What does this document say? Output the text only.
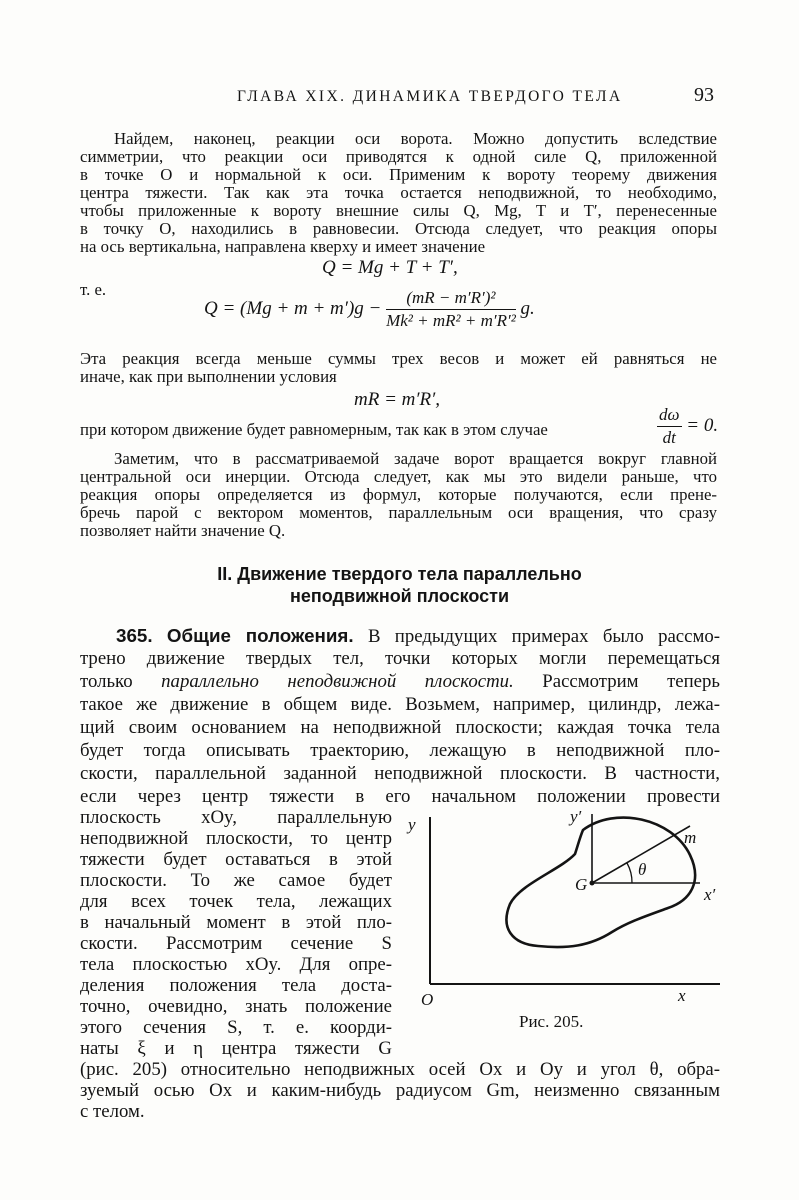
ГЛАВА XIX. ДИНАМИКА ТВЕРДОГО ТЕЛА	93
Найдем, наконец, реакции оси ворота. Можно допустить вследствие
симметрии, что реакции оси приводятся к одной силе Q, приложенной
в точке O и нормальной к оси. Применим к вороту теорему движения
центра тяжести. Так как эта точка остается неподвижной, то необходимо,
чтобы приложенные к вороту внешние силы Q, Mg, T и T′, перенесенные
в точку O, находились в равновесии. Отсюда следует, что реакция опоры
на ось вертикальна, направлена кверху и имеет значение
Q = Mg + T + T′,
т. е.
$Q = (Mg + m + m')g - \frac{\text{(mR − m′R′)²}}{\text{Mk² + mR² + m′R′²}} g$.
Эта реакция всегда меньше суммы трех весов и может ей равняться не
иначе, как при выполнении условия
mR = m′R′,
при котором движение будет равномерным, так как в этом случае	$\frac{d\omega}{dt} = 0$.
Заметим, что в рассматриваемой задаче ворот вращается вокруг главной
центральной оси инерции. Отсюда следует, как мы это видели раньше, что
реакция опоры определяется из формул, которые получаются, если прене-
бречь парой с вектором моментов, параллельным оси вращения, что сразу
позволяет найти значение Q.
II. Движение твердого тела параллельно
неподвижной плоскости
365. Общие положения. В предыдущих примерах было рассмо-
трено движение твердых тел, точки которых могли перемещаться
только параллельно неподвижной плоскости. Рассмотрим теперь
такое же движение в общем виде. Возьмем, например, цилиндр, лежа-
щий своим основанием на неподвижной плоскости; каждая точка тела
будет тогда описывать траекторию, лежащую в неподвижной пло-
скости, параллельной заданной неподвижной плоскости. В частности,
если через центр тяжести в его начальном положении провести
плоскость xOy, параллельную
неподвижной плоскости, то центр
тяжести будет оставаться в этой
плоскости. То же самое будет
для всех точек тела, лежащих
в начальный момент в этой пло-
скости. Рассмотрим сечение S
тела плоскостью xOy. Для опре-
деления положения тела доста-
точно, очевидно, знать положение
этого сечения S, т. е. коорди-
наты ξ и η центра тяжести G
(рис. 205) относительно неподвижных осей Ox и Oy и угол θ, обра-
зуемый осью Ox и каким-нибудь радиусом Gm, неизменно связанным
с телом.
y	y′
m
θ
G
x′
O	x
Рис. 205.
